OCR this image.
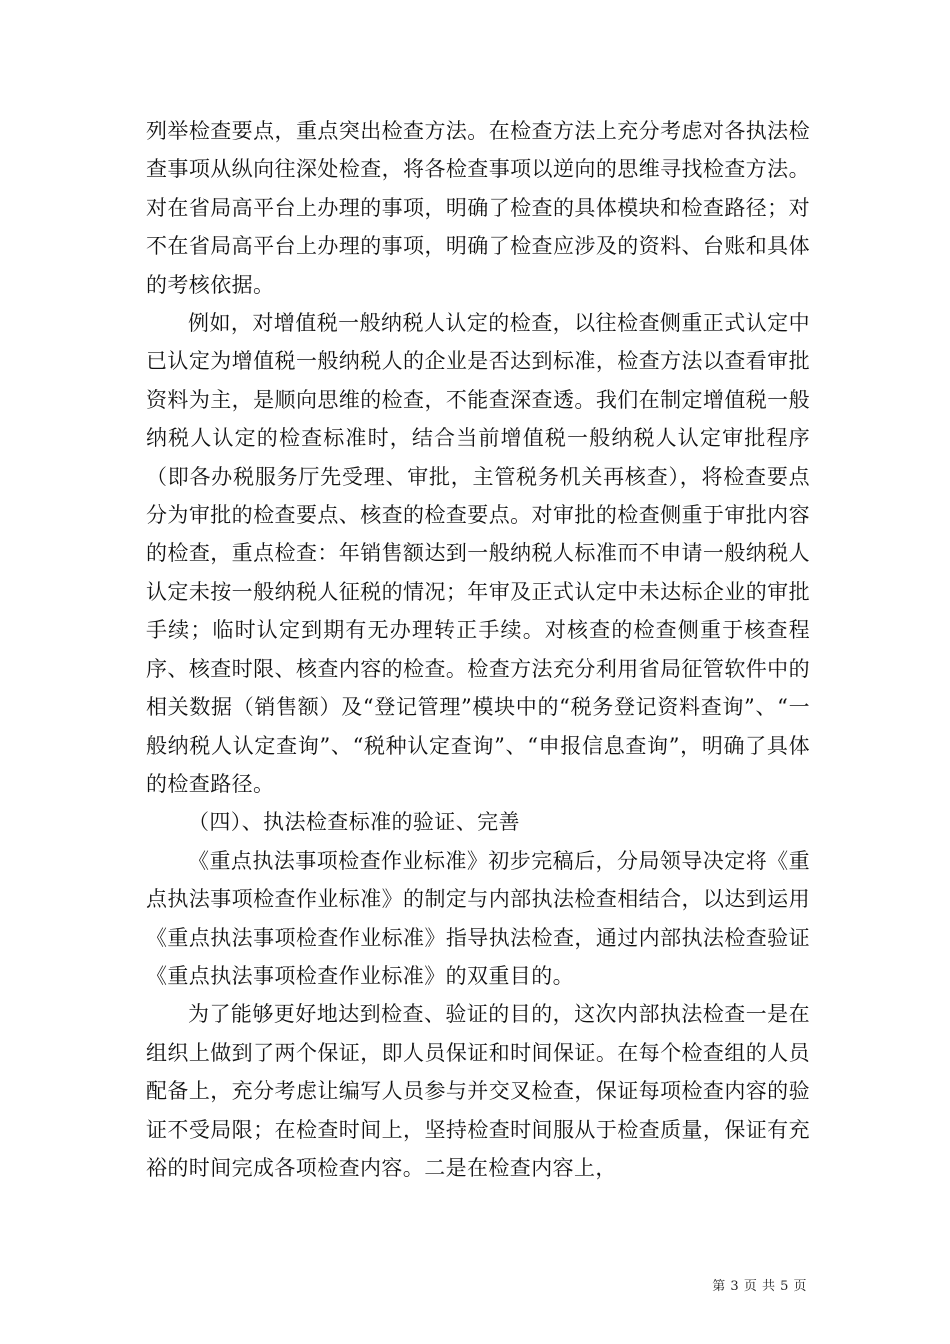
列举检查要点，重点突出检查方法。在检查方法上充分考虑对各执法检查事项从纵向往深处检查，将各检查事项以逆向的思维寻找检查方法。对在省局高平台上办理的事项，明确了检查的具体模块和检查路径；对不在省局高平台上办理的事项，明确了检查应涉及的资料、台账和具体的考核依据。

例如，对增值税一般纳税人认定的检查，以往检查侧重正式认定中已认定为增值税一般纳税人的企业是否达到标准，检查方法以查看审批资料为主，是顺向思维的检查，不能查深查透。我们在制定增值税一般纳税人认定的检查标准时，结合当前增值税一般纳税人认定审批程序（即各办税服务厅先受理、审批，主管税务机关再核查），将检查要点分为审批的检查要点、核查的检查要点。对审批的检查侧重于审批内容的检查，重点检查：年销售额达到一般纳税人标准而不申请一般纳税人认定未按一般纳税人征税的情况；年审及正式认定中未达标企业的审批手续；临时认定到期有无办理转正手续。对核查的检查侧重于核查程序、核查时限、核查内容的检查。检查方法充分利用省局征管软件中的相关数据（销售额）及“登记管理”模块中的“税务登记资料查询”、“一般纳税人认定查询”、“税种认定查询”、“申报信息查询”，明确了具体的检查路径。

（四）、执法检查标准的验证、完善

《重点执法事项检查作业标准》初步完稿后，分局领导决定将《重点执法事项检查作业标准》的制定与内部执法检查相结合，以达到运用《重点执法事项检查作业标准》指导执法检查，通过内部执法检查验证《重点执法事项检查作业标准》的双重目的。

为了能够更好地达到检查、验证的目的，这次内部执法检查一是在组织上做到了两个保证，即人员保证和时间保证。在每个检查组的人员配备上，充分考虑让编写人员参与并交叉检查，保证每项检查内容的验证不受局限；在检查时间上，坚持检查时间服从于检查质量，保证有充裕的时间完成各项检查内容。二是在检查内容上，

第 3 页 共 5 页
